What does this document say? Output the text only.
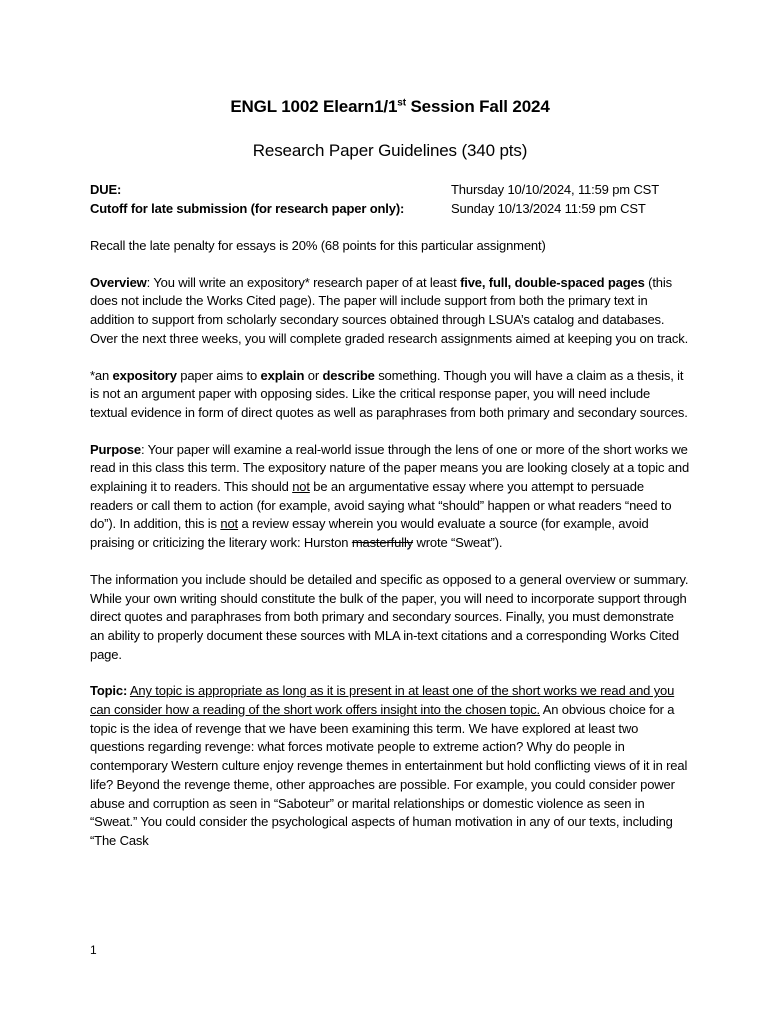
ENGL 1002 Elearn1/1st Session Fall 2024
Research Paper Guidelines (340 pts)
DUE:	Thursday 10/10/2024, 11:59 pm CST
Cutoff for late submission (for research paper only):	Sunday 10/13/2024 11:59 pm CST

Recall the late penalty for essays is 20% (68 points for this particular assignment)

Overview: You will write an expository* research paper of at least five, full, double-spaced pages (this does not include the Works Cited page). The paper will include support from both the primary text in addition to support from scholarly secondary sources obtained through LSUA’s catalog and databases. Over the next three weeks, you will complete graded research assignments aimed at keeping you on track.

*an expository paper aims to explain or describe something. Though you will have a claim as a thesis, it is not an argument paper with opposing sides. Like the critical response paper, you will need include textual evidence in form of direct quotes as well as paraphrases from both primary and secondary sources.

Purpose: Your paper will examine a real-world issue through the lens of one or more of the short works we read in this class this term. The expository nature of the paper means you are looking closely at a topic and explaining it to readers. This should not be an argumentative essay where you attempt to persuade readers or call them to action (for example, avoid saying what “should” happen or what readers “need to do”). In addition, this is not a review essay wherein you would evaluate a source (for example, avoid praising or criticizing the literary work: Hurston masterfully wrote “Sweat”).

The information you include should be detailed and specific as opposed to a general overview or summary. While your own writing should constitute the bulk of the paper, you will need to incorporate support through direct quotes and paraphrases from both primary and secondary sources. Finally, you must demonstrate an ability to properly document these sources with MLA in-text citations and a corresponding Works Cited page.

Topic: Any topic is appropriate as long as it is present in at least one of the short works we read and you can consider how a reading of the short work offers insight into the chosen topic. An obvious choice for a topic is the idea of revenge that we have been examining this term. We have explored at least two questions regarding revenge: what forces motivate people to extreme action? Why do people in contemporary Western culture enjoy revenge themes in entertainment but hold conflicting views of it in real life? Beyond the revenge theme, other approaches are possible. For example, you could consider power abuse and corruption as seen in “Saboteur” or marital relationships or domestic violence as seen in “Sweat.” You could consider the psychological aspects of human motivation in any of our texts, including “The Cask

1
